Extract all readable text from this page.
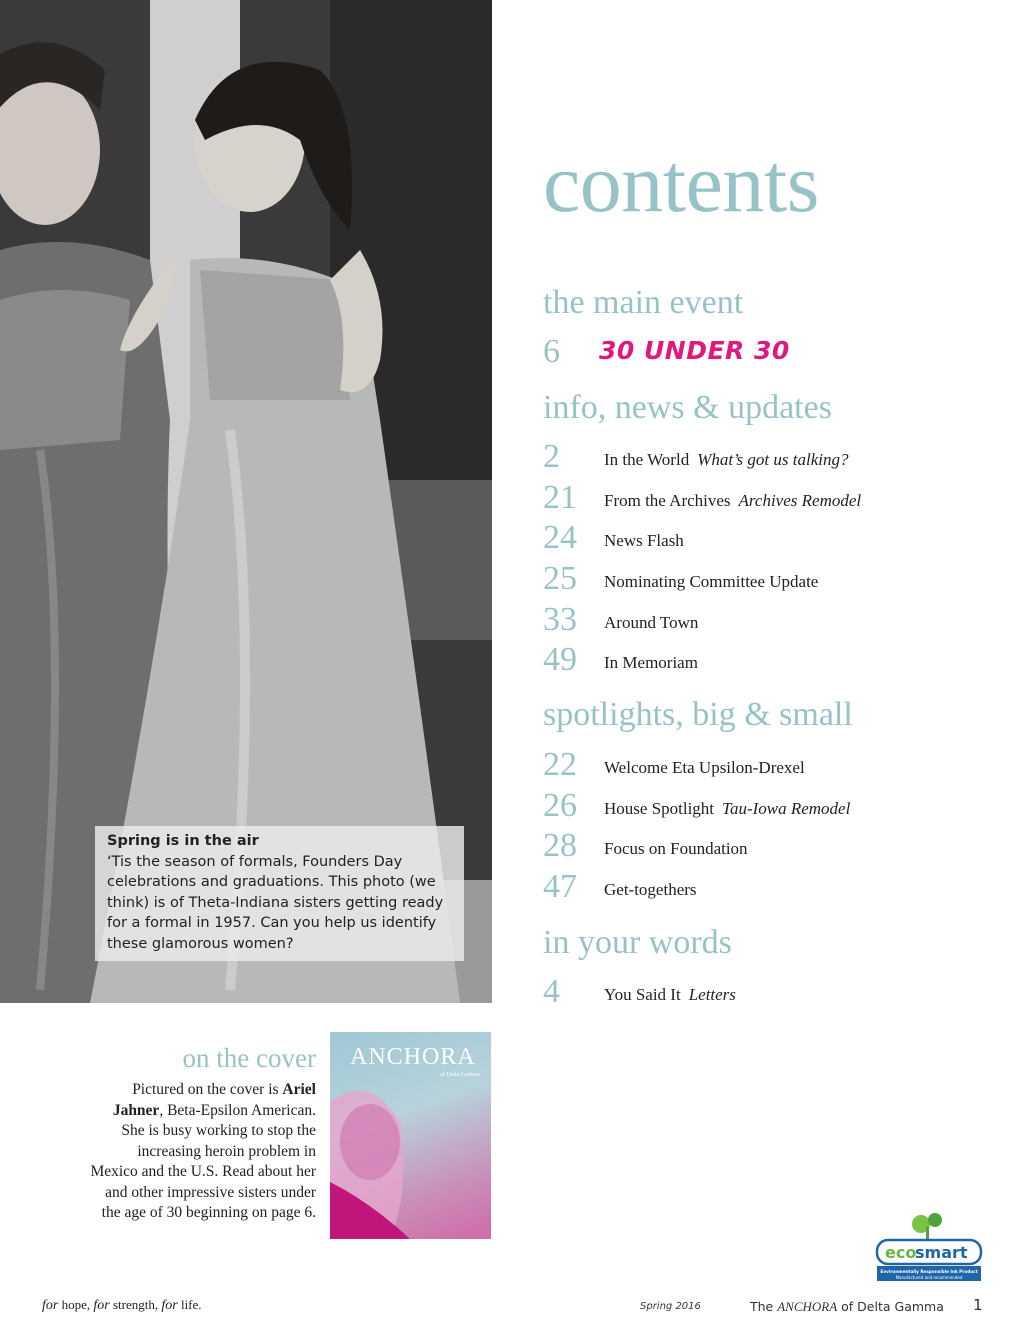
Spring is in the air
‘Tis the season of formals, Founders Day celebrations and graduations. This photo (we think) is of Theta-Indiana sisters getting ready for a formal in 1957. Can you help us identify these glamorous women?
contents
the main event
6 30 UNDER 30
info, news & updates
2	In the World What’s got us talking?
21 From the Archives Archives Remodel
24 News Flash
25 Nominating Committee Update
33 Around Town
49 In Memoriam
spotlights, big & small
22 Welcome Eta Upsilon-Drexel
26 House Spotlight Tau-Iowa Remodel
28 Focus on Foundation
47 Get-togethers
in your words
4	You Said It Letters
on the cover
Pictured on the cover is Ariel Jahner, Beta-Epsilon American. She is busy working to stop the increasing heroin problem in Mexico and the U.S. Read about her and other impressive sisters under the age of 30 beginning on page 6.
ANCHORA
of Delta Gamma
eco
smart
Environmentally Responsible Ink Product
Manufactured and recommended
for hope, for strength, for life.	Spring 2016	The ANCHORA of Delta Gamma 1
